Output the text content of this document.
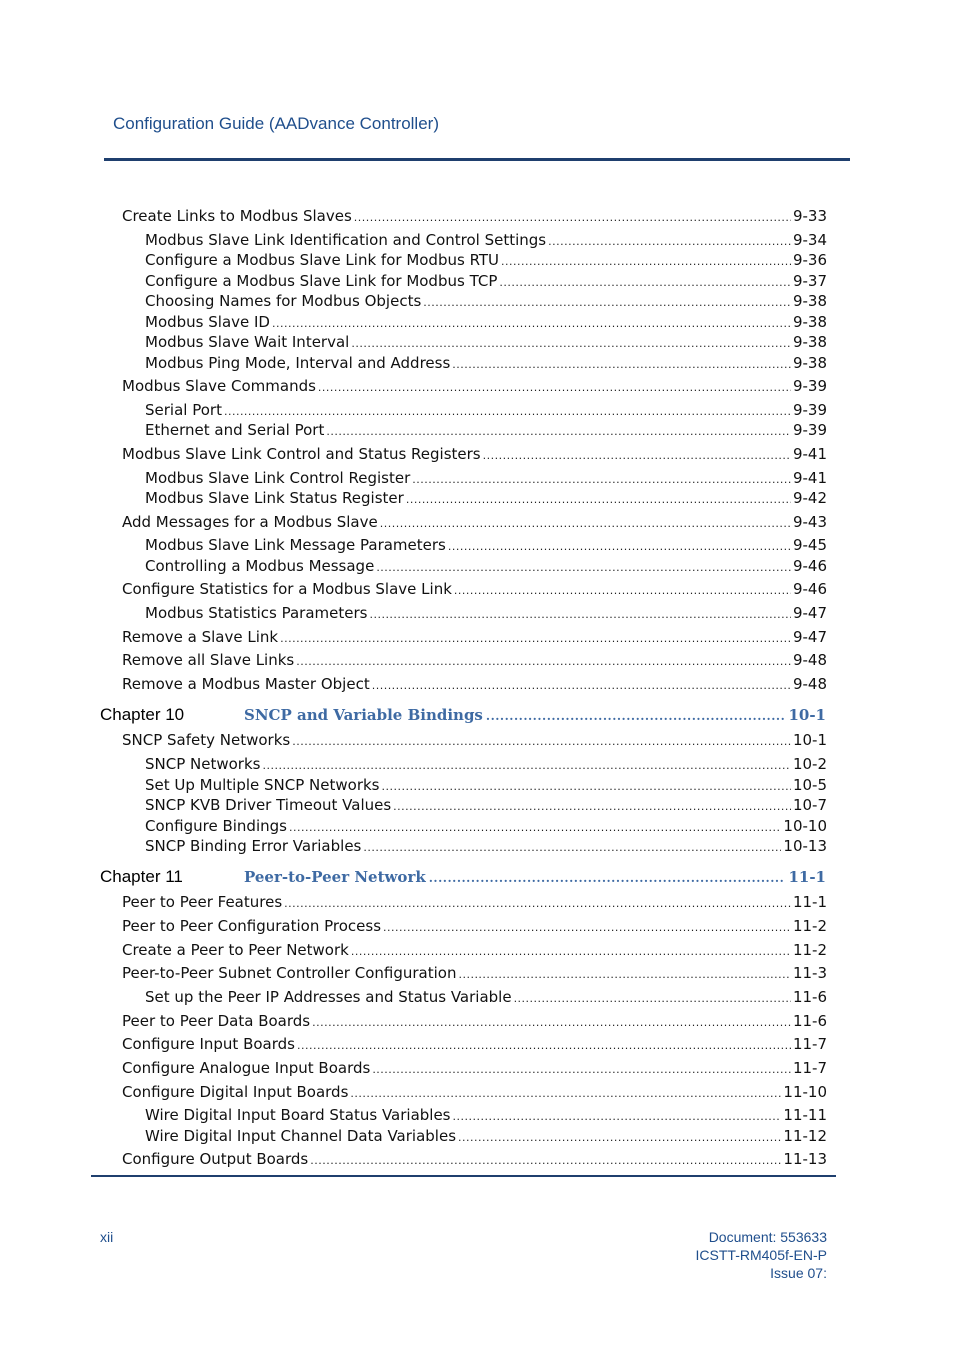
Configuration Guide (AADvance Controller)
Create Links to Modbus Slaves .....	9-33
Modbus Slave Link Identification and Control Settings .....	9-34
Configure a Modbus Slave Link for Modbus RTU .....	9-36
Configure a Modbus Slave Link for Modbus TCP .....	9-37
Choosing Names for Modbus Objects .....	9-38
Modbus Slave ID .....	9-38
Modbus Slave Wait Interval .....	9-38
Modbus Ping Mode, Interval and Address .....	9-38
Modbus Slave Commands .....	9-39
Serial Port .....	9-39
Ethernet and Serial Port .....	9-39
Modbus Slave Link Control and Status Registers .....	9-41
Modbus Slave Link Control Register .....	9-41
Modbus Slave Link Status Register .....	9-42
Add Messages for a Modbus Slave .....	9-43
Modbus Slave Link Message Parameters .....	9-45
Controlling a Modbus Message .....	9-46
Configure Statistics for a Modbus Slave Link .....	9-46
Modbus Statistics Parameters .....	9-47
Remove a Slave Link .....	9-47
Remove all Slave Links .....	9-48
Remove a Modbus Master Object .....	9-48
Chapter 10	SNCP and Variable Bindings .....	10-1
SNCP Safety Networks .....	10-1
SNCP Networks .....	10-2
Set Up Multiple SNCP Networks .....	10-5
SNCP KVB Driver Timeout Values .....	10-7
Configure Bindings .....	10-10
SNCP Binding Error Variables .....	10-13
Chapter 11	Peer-to-Peer Network .....	11-1
Peer to Peer Features .....	11-1
Peer to Peer Configuration Process .....	11-2
Create a Peer to Peer Network .....	11-2
Peer-to-Peer Subnet Controller Configuration .....	11-3
Set up the Peer IP Addresses and Status Variable .....	11-6
Peer to Peer Data Boards .....	11-6
Configure Input Boards .....	11-7
Configure Analogue Input Boards .....	11-7
Configure Digital Input Boards .....	11-10
Wire Digital Input Board Status Variables .....	11-11
Wire Digital Input Channel Data Variables .....	11-12
Configure Output Boards .....	11-13
xii	Document: 553633
ICSTT-RM405f-EN-P
Issue 07:
